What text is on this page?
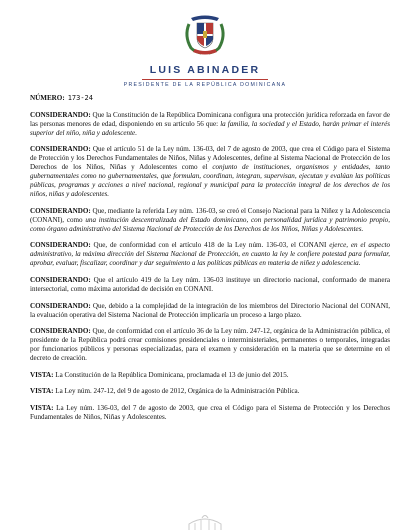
LUIS ABINADER
PRESIDENTE DE LA REPÚBLICA DOMINICANA

NÚMERO: 173-24

CONSIDERANDO: Que la Constitución de la República Dominicana configura una protección jurídica reforzada en favor de las personas menores de edad, disponiendo en su artículo 56 que: la familia, la sociedad y el Estado, harán primar el interés superior del niño, niña y adolescente.

CONSIDERANDO: Que el artículo 51 de la Ley núm. 136-03, del 7 de agosto de 2003, que crea el Código para el Sistema de Protección y los Derechos Fundamentales de Niños, Niñas y Adolescentes, define al Sistema Nacional de Protección de los Derechos de los Niños, Niñas y Adolescentes como el conjunto de instituciones, organismos y entidades, tanto gubernamentales como no gubernamentales, que formulan, coordinan, integran, supervisan, ejecutan y evalúan las políticas públicas, programas y acciones a nivel nacional, regional y municipal para la protección integral de los derechos de los niños, niñas y adolescentes.

CONSIDERANDO: Que, mediante la referida Ley núm. 136-03, se creó el Consejo Nacional para la Niñez y la Adolescencia (CONANI), como una institución descentralizada del Estado dominicano, con personalidad jurídica y patrimonio propio, como órgano administrativo del Sistema Nacional de Protección de los Derechos de los Niños, Niñas y Adolescentes.

CONSIDERANDO: Que, de conformidad con el artículo 418 de la Ley núm. 136-03, el CONANI ejerce, en el aspecto administrativo, la máxima dirección del Sistema Nacional de Protección, en cuanto la ley le confiere potestad para formular, aprobar, evaluar, fiscalizar, coordinar y dar seguimiento a las políticas públicas en materia de niñez y adolescencia.

CONSIDERANDO: Que el artículo 419 de la Ley núm. 136-03 instituye un directorio nacional, conformado de manera intersectorial, como máxima autoridad de decisión en CONANI.

CONSIDERANDO: Que, debido a la complejidad de la integración de los miembros del Directorio Nacional del CONANI, la evaluación operativa del Sistema Nacional de Protección implicaría un proceso a largo plazo.

CONSIDERANDO: Que, de conformidad con el artículo 36 de la Ley núm. 247-12, orgánica de la Administración pública, el presidente de la República podrá crear comisiones presidenciales o interministeriales, permanentes o temporales, integradas por funcionarios públicos y personas especializadas, para el examen y consideración en la materia que se determine en el decreto de creación.

VISTA: La Constitución de la República Dominicana, proclamada el 13 de junio del 2015.

VISTA: La Ley núm. 247-12, del 9 de agosto de 2012, Orgánica de la Administración Pública.

VISTA: La Ley núm. 136-03, del 7 de agosto de 2003, que crea el Código para el Sistema de Protección y los Derechos Fundamentales de Niños, Niñas y Adolescentes.
